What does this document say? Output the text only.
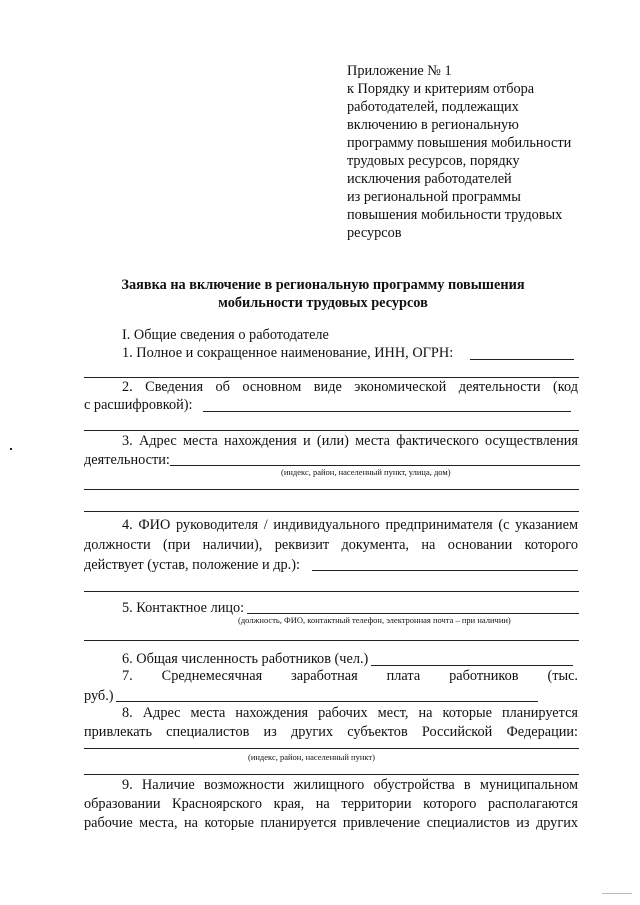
Приложение № 1
к Порядку и критериям отбора
работодателей, подлежащих
включению в региональную
программу повышения мобильности
трудовых ресурсов, порядку
исключения работодателей
из региональной программы
повышения мобильности трудовых
ресурсов
Заявка на включение в региональную программу повышения
мобильности трудовых ресурсов
I. Общие сведения о работодателе
1. Полное и сокращенное наименование, ИНН, ОГРН:
2. Сведения об основном виде экономической деятельности (код
с расшифровкой):
3. Адрес места нахождения и (или) места фактического осуществления
деятельности:
(индекс, район, населенный пункт, улица, дом)
4. ФИО руководителя / индивидуального предпринимателя (с указанием
должности (при наличии), реквизит документа, на основании которого
действует (устав, положение и др.):
5. Контактное лицо:
(должность, ФИО, контактный телефон, электронная почта – при наличии)
6. Общая численность работников (чел.)
7. Среднемесячная заработная плата работников (тыс.
руб.)
8. Адрес места нахождения рабочих мест, на которые планируется
привлекать специалистов из других субъектов Российской Федерации:
(индекс, район, населенный пункт)
9. Наличие возможности жилищного обустройства в муниципальном
образовании Красноярского края, на территории которого располагаются
рабочие места, на которые планируется привлечение специалистов из других
